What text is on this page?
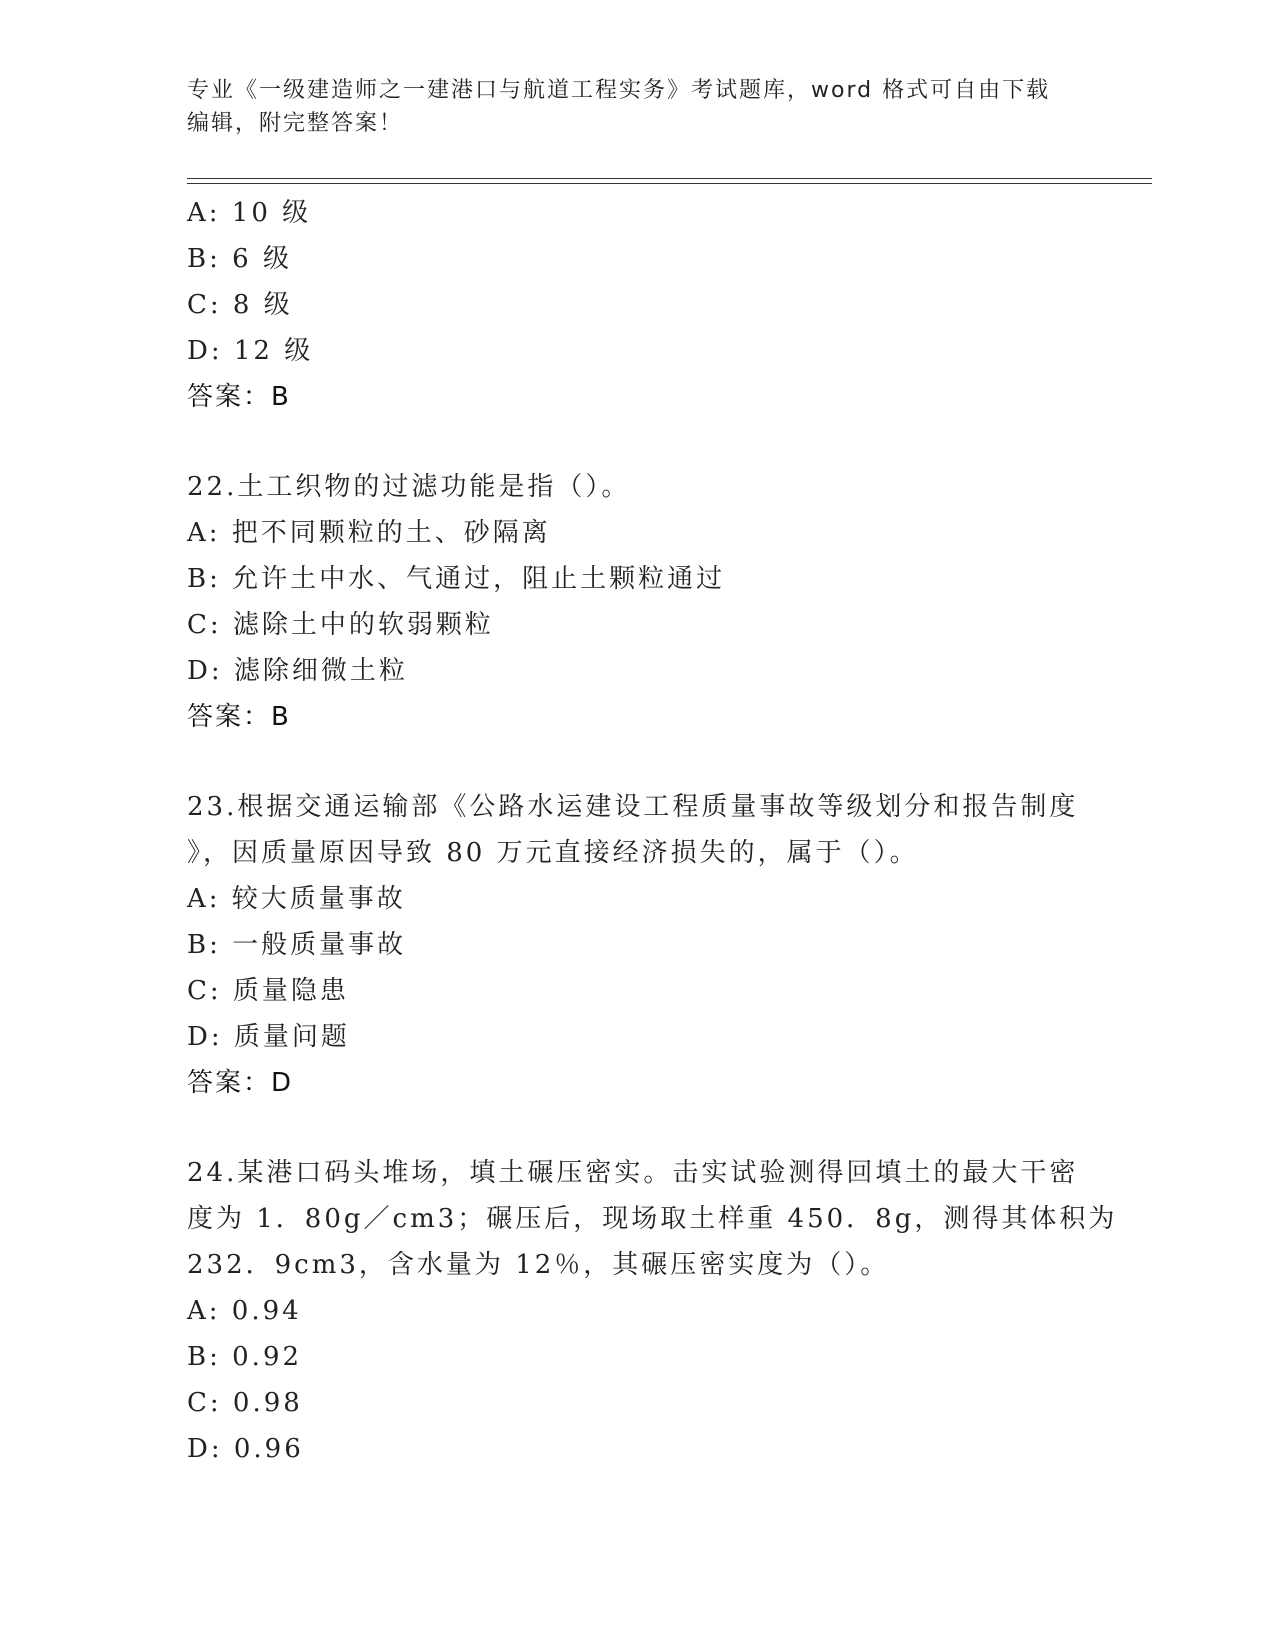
专业《一级建造师之一建港口与航道工程实务》考试题库，word 格式可自由下载
编辑，附完整答案！
A: 10 级
B: 6 级
C: 8 级
D: 12 级
答案：B
22.土工织物的过滤功能是指（）。
A: 把不同颗粒的土、砂隔离
B: 允许土中水、气通过，阻止土颗粒通过
C: 滤除土中的软弱颗粒
D: 滤除细微土粒
答案：B
23.根据交通运输部《公路水运建设工程质量事故等级划分和报告制度
》，因质量原因导致 80 万元直接经济损失的，属于（）。
A: 较大质量事故
B: 一般质量事故
C: 质量隐患
D: 质量问题
答案：D
24.某港口码头堆场，填土碾压密实。击实试验测得回填土的最大干密
度为 1．80g／cm3；碾压后，现场取土样重 450．8g，测得其体积为
232．9cm3，含水量为 12％，其碾压密实度为（）。
A: 0.94
B: 0.92
C: 0.98
D: 0.96
